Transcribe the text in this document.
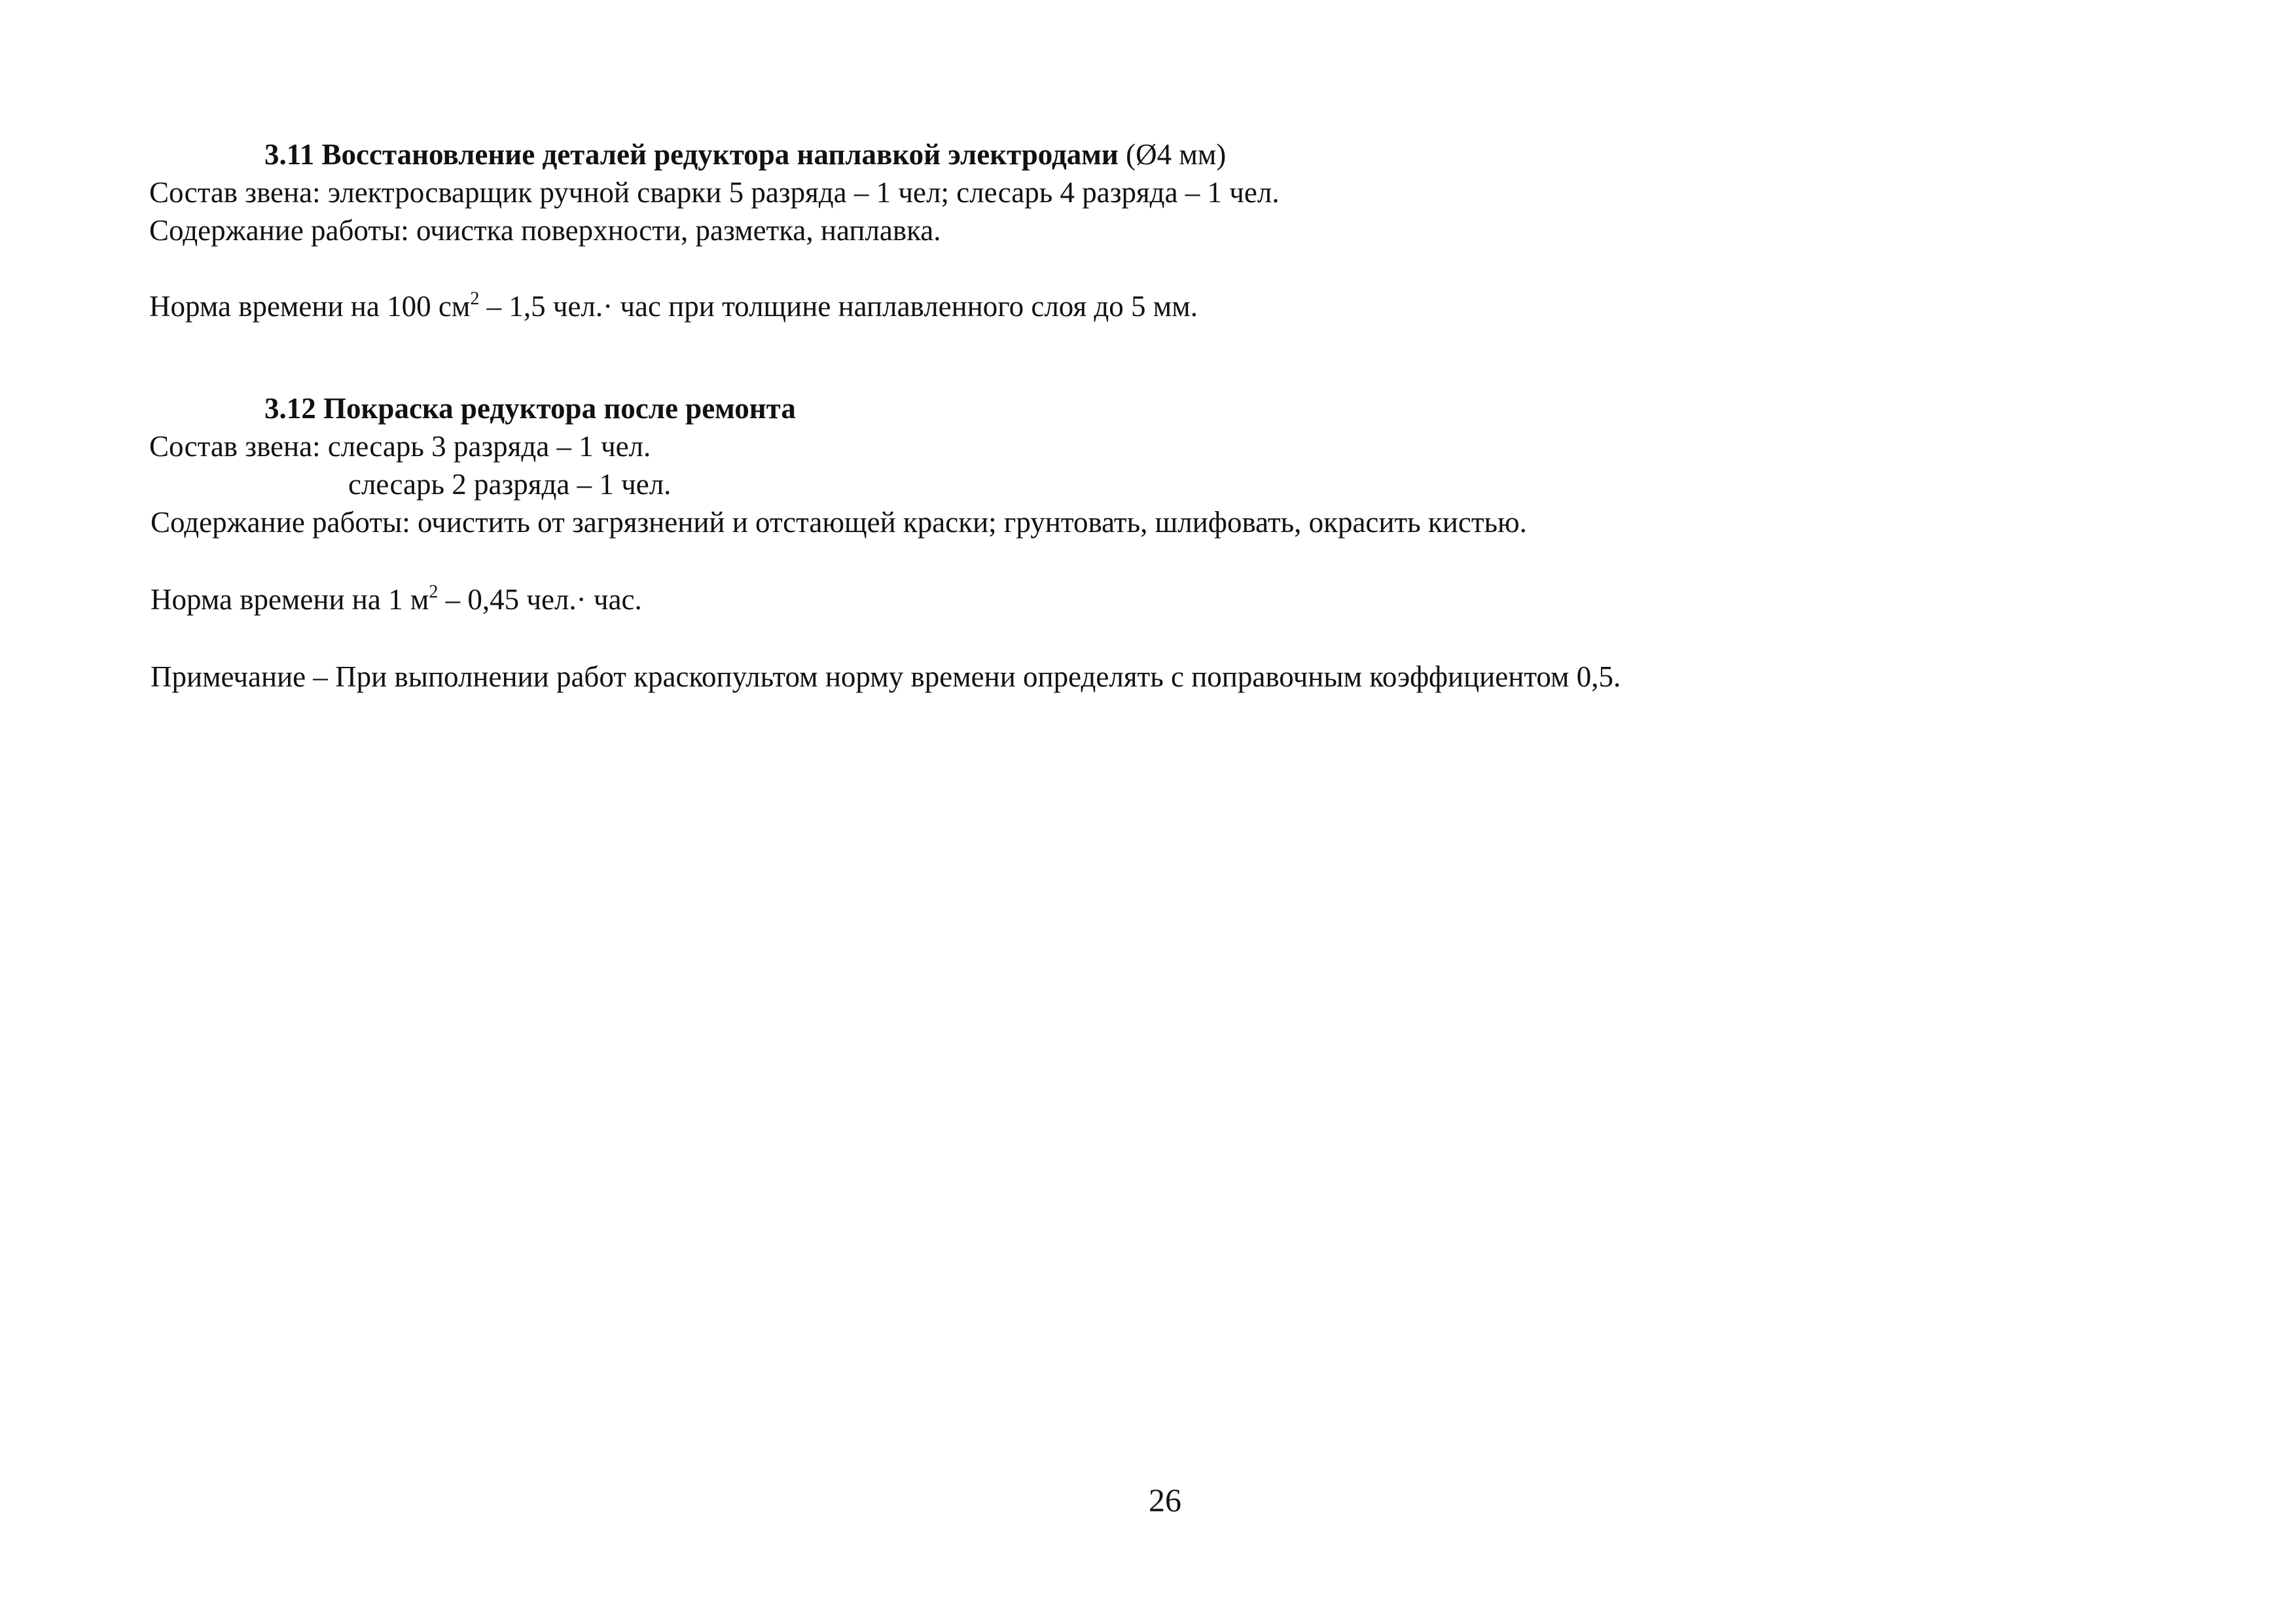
3.11 Восстановление деталей редуктора наплавкой электродами (Ø4 мм)
Состав звена: электросварщик ручной сварки 5 разряда – 1 чел; слесарь 4 разряда – 1 чел.
Содержание работы: очистка поверхности, разметка, наплавка.
Норма времени на 100 $см^2 - 1,5$ чел.· час при толщине наплавленного слоя до 5 мм.
3.12 Покраска редуктора после ремонта
Состав звена: слесарь 3 разряда – 1 чел.
слесарь 2 разряда – 1 чел.
Содержание работы: очистить от загрязнений и отстающей краски; грунтовать, шлифовать, окрасить кистью.
Норма времени на 1 $м^2 - 0,45$ чел.· час.
Примечание – При выполнении работ краскопультом норму времени определять с поправочным коэффициентом 0,5.
26
